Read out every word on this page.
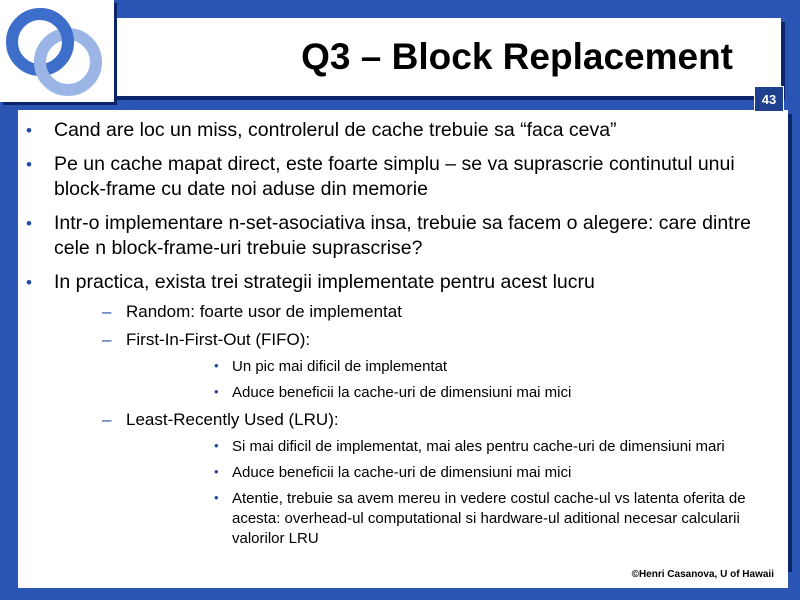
• Cand are loc un miss, controlerul de cache trebuie sa “faca ceva”
• Pe un cache mapat direct, este foarte simplu – se va suprascrie continutul unui block-frame cu date noi aduse din memorie
• Intr-o implementare n-set-asociativa insa, trebuie sa facem o alegere: care dintre cele n block-frame-uri trebuie suprascrise?
• In practica, exista trei strategii implementate pentru acest lucru
– Random: foarte usor de implementat
– First-In-First-Out (FIFO):
• Un pic mai dificil de implementat
• Aduce beneficii la cache-uri de dimensiuni mai mici
– Least-Recently Used (LRU):
• Si mai dificil de implementat, mai ales pentru cache-uri de dimensiuni mari
• Aduce beneficii la cache-uri de dimensiuni mai mici
• Atentie, trebuie sa avem mereu in vedere costul cache-ul vs latenta oferita de acesta: overhead-ul computational si hardware-ul aditional necesar calcularii valorilor LRU
©Henri Casanova, U of Hawaii
Q3 – Block Replacement
43
